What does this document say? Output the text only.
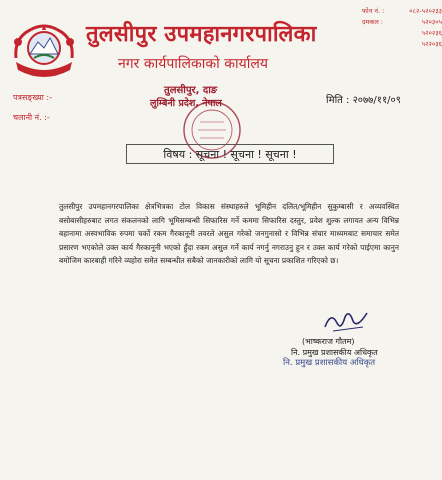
तुलसीपुर उपमहानगरपालिका
नगर कार्यपालिकाको कार्यालय
फोन नं. :	०८२-५२०२३३
दमकल :	५२०३०५
५२०२३६
५२२०३६
पत्रसङ्ख्या :-
चलानी नं. :-
तुलसीपुर, दाङ
लुम्बिनी प्रदेश, नेपाल	मिति : २०७७/११/०९
विषय : सूचना ! सूचना ! सूचना !
तुलसीपुर उपमहानगरपालिका क्षेत्रभित्रका टोल विकास संस्थाहरुले भूमिहीन दलित/भूमिहीन सुकुम्बासी र अव्यवस्थित बसोबासीहरुबाट लगत संकलनको लागि भूमिसम्बन्धी सिफारिस गर्ने कममा सिफारिस दस्तुर, प्रवेश शुल्क लगायत अन्य विभिन्न बहानामा अस्वभाविक रुपमा चर्को रकम गैरकानूनी तवरले असुल गरेको जनगुनासो र विभिन्न संचार माध्यमबाट समाचार समेत प्रसारण भएकोले उक्त कार्य गैरकानूनी भएको हुँदा रकम असुल गर्ने कार्य नगर्नु नगराउनु हुन र उक्त कार्य गरेको पाईएमा कानुन बमोजिम कारबाही गरिने व्यहोरा समेत सम्बन्धीत सबैको जानकारीको लागि यो सूचना प्रकाशित गरिएको छ।
(भाष्कराज गौतम)
नि. प्रमुख प्रशासकीय अधिकृत
नि. प्रमुख प्रशासकीय अधिकृत
